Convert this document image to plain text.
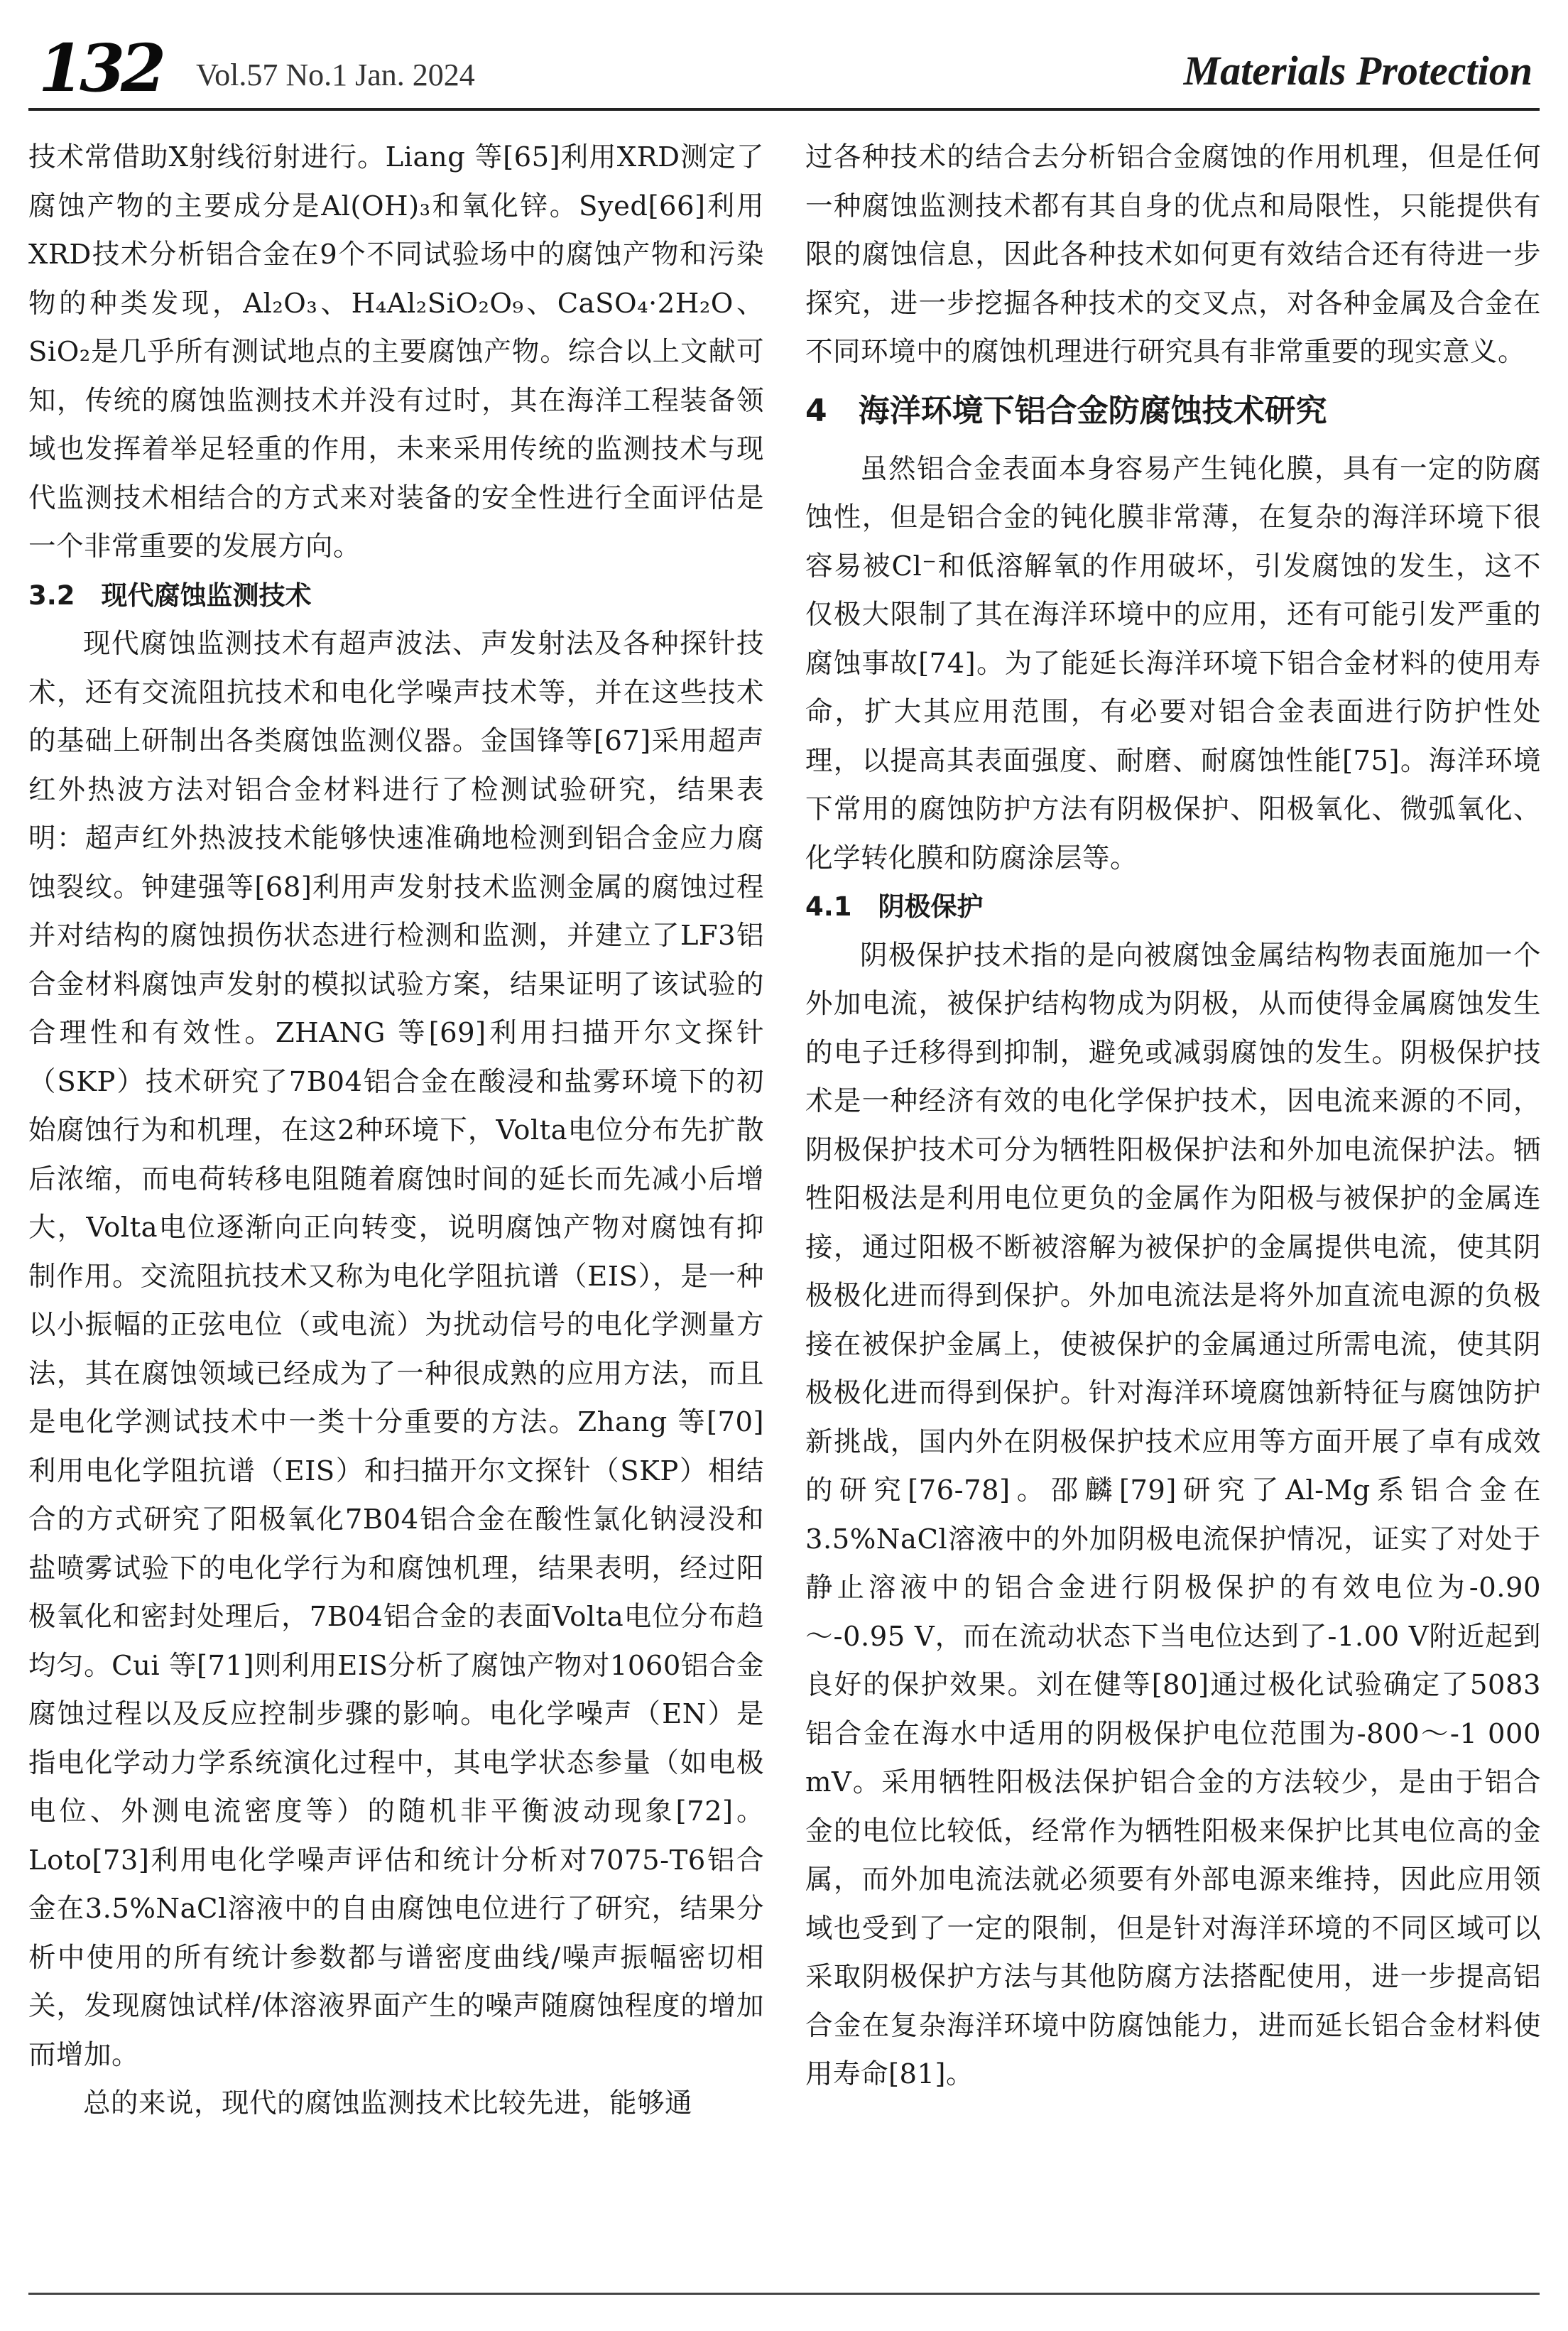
132 Vol.57 No.1 Jan. 2024	Materials Protection

技术常借助X射线衍射进行。Liang 等[65]利用XRD测定了腐蚀产物的主要成分是Al(OH)₃和氧化锌。Syed[66]利用XRD技术分析铝合金在9个不同试验场中的腐蚀产物和污染物的种类发现，Al₂O₃、H₄Al₂SiO₂O₉、CaSO₄·2H₂O、SiO₂是几乎所有测试地点的主要腐蚀产物。综合以上文献可知，传统的腐蚀监测技术并没有过时，其在海洋工程装备领域也发挥着举足轻重的作用，未来采用传统的监测技术与现代监测技术相结合的方式来对装备的安全性进行全面评估是一个非常重要的发展方向。

3.2　现代腐蚀监测技术

现代腐蚀监测技术有超声波法、声发射法及各种探针技术，还有交流阻抗技术和电化学噪声技术等，并在这些技术的基础上研制出各类腐蚀监测仪器。金国锋等[67]采用超声红外热波方法对铝合金材料进行了检测试验研究，结果表明：超声红外热波技术能够快速准确地检测到铝合金应力腐蚀裂纹。钟建强等[68]利用声发射技术监测金属的腐蚀过程并对结构的腐蚀损伤状态进行检测和监测，并建立了LF3铝合金材料腐蚀声发射的模拟试验方案，结果证明了该试验的合理性和有效性。ZHANG 等[69]利用扫描开尔文探针（SKP）技术研究了7B04铝合金在酸浸和盐雾环境下的初始腐蚀行为和机理，在这2种环境下，Volta电位分布先扩散后浓缩，而电荷转移电阻随着腐蚀时间的延长而先减小后增大，Volta电位逐渐向正向转变，说明腐蚀产物对腐蚀有抑制作用。交流阻抗技术又称为电化学阻抗谱（EIS），是一种以小振幅的正弦电位（或电流）为扰动信号的电化学测量方法，其在腐蚀领域已经成为了一种很成熟的应用方法，而且是电化学测试技术中一类十分重要的方法。Zhang 等[70]利用电化学阻抗谱（EIS）和扫描开尔文探针（SKP）相结合的方式研究了阳极氧化7B04铝合金在酸性氯化钠浸没和盐喷雾试验下的电化学行为和腐蚀机理，结果表明，经过阳极氧化和密封处理后，7B04铝合金的表面Volta电位分布趋均匀。Cui 等[71]则利用EIS分析了腐蚀产物对1060铝合金腐蚀过程以及反应控制步骤的影响。电化学噪声（EN）是指电化学动力学系统演化过程中，其电学状态参量（如电极电位、外测电流密度等）的随机非平衡波动现象[72]。Loto[73]利用电化学噪声评估和统计分析对7075-T6铝合金在3.5%NaCl溶液中的自由腐蚀电位进行了研究，结果分析中使用的所有统计参数都与谱密度曲线/噪声振幅密切相关，发现腐蚀试样/体溶液界面产生的噪声随腐蚀程度的增加而增加。

总的来说，现代的腐蚀监测技术比较先进，能够通

过各种技术的结合去分析铝合金腐蚀的作用机理，但是任何一种腐蚀监测技术都有其自身的优点和局限性，只能提供有限的腐蚀信息，因此各种技术如何更有效结合还有待进一步探究，进一步挖掘各种技术的交叉点，对各种金属及合金在不同环境中的腐蚀机理进行研究具有非常重要的现实意义。

4　海洋环境下铝合金防腐蚀技术研究

虽然铝合金表面本身容易产生钝化膜，具有一定的防腐蚀性，但是铝合金的钝化膜非常薄，在复杂的海洋环境下很容易被Cl⁻和低溶解氧的作用破坏，引发腐蚀的发生，这不仅极大限制了其在海洋环境中的应用，还有可能引发严重的腐蚀事故[74]。为了能延长海洋环境下铝合金材料的使用寿命，扩大其应用范围，有必要对铝合金表面进行防护性处理，以提高其表面强度、耐磨、耐腐蚀性能[75]。海洋环境下常用的腐蚀防护方法有阴极保护、阳极氧化、微弧氧化、化学转化膜和防腐涂层等。

4.1　阴极保护

阴极保护技术指的是向被腐蚀金属结构物表面施加一个外加电流，被保护结构物成为阴极，从而使得金属腐蚀发生的电子迁移得到抑制，避免或减弱腐蚀的发生。阴极保护技术是一种经济有效的电化学保护技术，因电流来源的不同，阴极保护技术可分为牺牲阳极保护法和外加电流保护法。牺牲阳极法是利用电位更负的金属作为阳极与被保护的金属连接，通过阳极不断被溶解为被保护的金属提供电流，使其阴极极化进而得到保护。外加电流法是将外加直流电源的负极接在被保护金属上，使被保护的金属通过所需电流，使其阴极极化进而得到保护。针对海洋环境腐蚀新特征与腐蚀防护新挑战，国内外在阴极保护技术应用等方面开展了卓有成效的研究[76-78]。邵麟[79]研究了Al-Mg系铝合金在3.5%NaCl溶液中的外加阴极电流保护情况，证实了对处于静止溶液中的铝合金进行阴极保护的有效电位为-0.90～-0.95 V，而在流动状态下当电位达到了-1.00 V附近起到良好的保护效果。刘在健等[80]通过极化试验确定了5083铝合金在海水中适用的阴极保护电位范围为-800～-1 000 mV。采用牺牲阳极法保护铝合金的方法较少，是由于铝合金的电位比较低，经常作为牺牲阳极来保护比其电位高的金属，而外加电流法就必须要有外部电源来维持，因此应用领域也受到了一定的限制，但是针对海洋环境的不同区域可以采取阴极保护方法与其他防腐方法搭配使用，进一步提高铝合金在复杂海洋环境中防腐蚀能力，进而延长铝合金材料使用寿命[81]。
